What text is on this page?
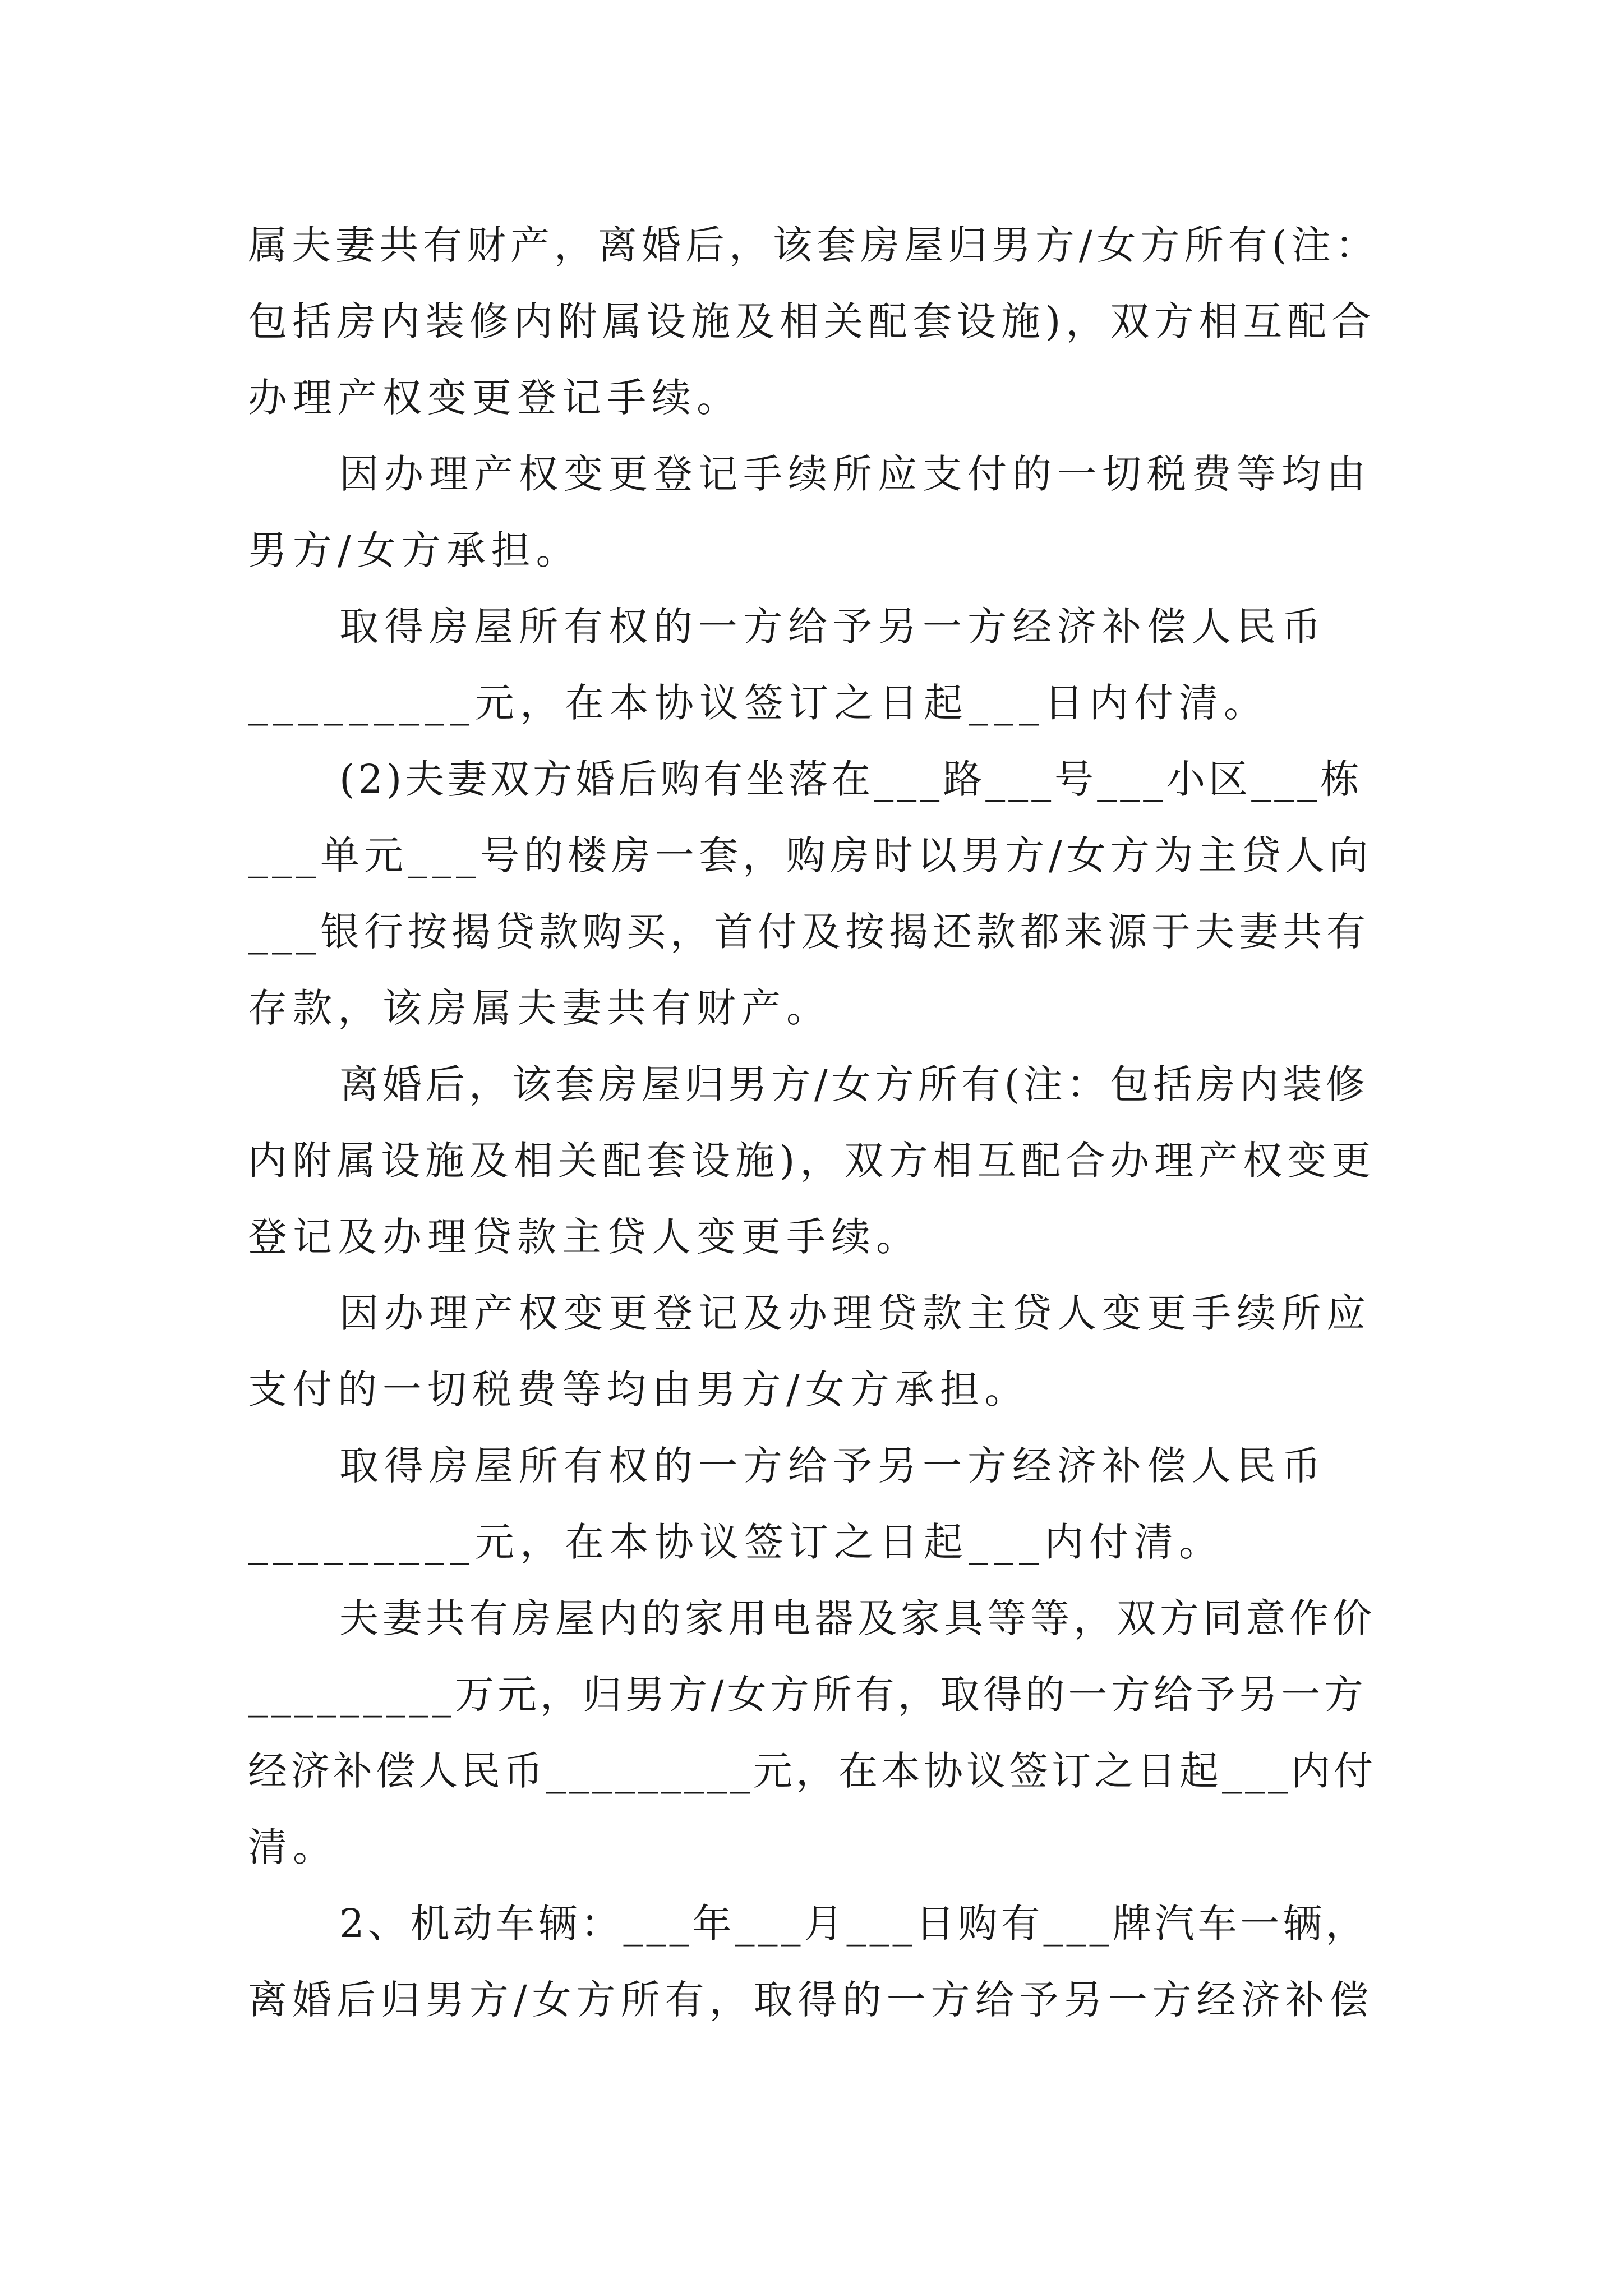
属夫妻共有财产，离婚后，该套房屋归男方/女方所有(注：
包括房内装修内附属设施及相关配套设施)，双方相互配合
办理产权变更登记手续。
因办理产权变更登记手续所应支付的一切税费等均由
男方/女方承担。
取得房屋所有权的一方给予另一方经济补偿人民币
_________元，在本协议签订之日起___日内付清。
(2)夫妻双方婚后购有坐落在___路___号___小区___栋
___单元___号的楼房一套，购房时以男方/女方为主贷人向
___银行按揭贷款购买，首付及按揭还款都来源于夫妻共有
存款，该房属夫妻共有财产。
离婚后，该套房屋归男方/女方所有(注：包括房内装修
内附属设施及相关配套设施)，双方相互配合办理产权变更
登记及办理贷款主贷人变更手续。
因办理产权变更登记及办理贷款主贷人变更手续所应
支付的一切税费等均由男方/女方承担。
取得房屋所有权的一方给予另一方经济补偿人民币
_________元，在本协议签订之日起___内付清。
夫妻共有房屋内的家用电器及家具等等，双方同意作价
_________万元，归男方/女方所有，取得的一方给予另一方
经济补偿人民币_________元，在本协议签订之日起___内付
清。
2、机动车辆：___年___月___日购有___牌汽车一辆，
离婚后归男方/女方所有，取得的一方给予另一方经济补偿
